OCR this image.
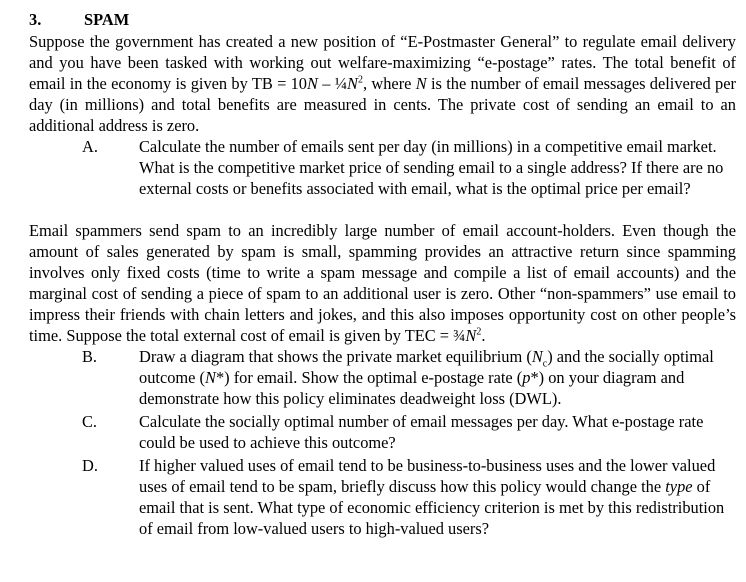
3.	SPAM

Suppose the government has created a new position of “E-Postmaster General” to regulate email delivery and you have been tasked with working out welfare-maximizing “e-postage” rates. The total benefit of email in the economy is given by TB = $10N - \frac{1}{4}N^2$, where N is the number of email messages delivered per day (in millions) and total benefits are measured in cents. The private cost of sending an email to an additional address is zero.

A.	Calculate the number of emails sent per day (in millions) in a competitive email market. What is the competitive market price of sending email to a single address? If there are no external costs or benefits associated with email, what is the optimal price per email?

Email spammers send spam to an incredibly large number of email account-holders. Even though the amount of sales generated by spam is small, spamming provides an attractive return since spamming involves only fixed costs (time to write a spam message and compile a list of email accounts) and the marginal cost of sending a piece of spam to an additional user is zero. Other “non-spammers” use email to impress their friends with chain letters and jokes, and this also imposes opportunity cost on other people’s time. Suppose the total external cost of email is given by TEC = $\frac{3}{4}N^2$.

B.	Draw a diagram that shows the private market equilibrium $(N_c)$ and the socially optimal outcome (N*) for email. Show the optimal e-postage rate (p*) on your diagram and demonstrate how this policy eliminates deadweight loss (DWL).
C.	Calculate the socially optimal number of email messages per day. What e-postage rate could be used to achieve this outcome?
D.	If higher valued uses of email tend to be business-to-business uses and the lower valued uses of email tend to be spam, briefly discuss how this policy would change the type of email that is sent. What type of economic efficiency criterion is met by this redistribution of email from low-valued users to high-valued users?
